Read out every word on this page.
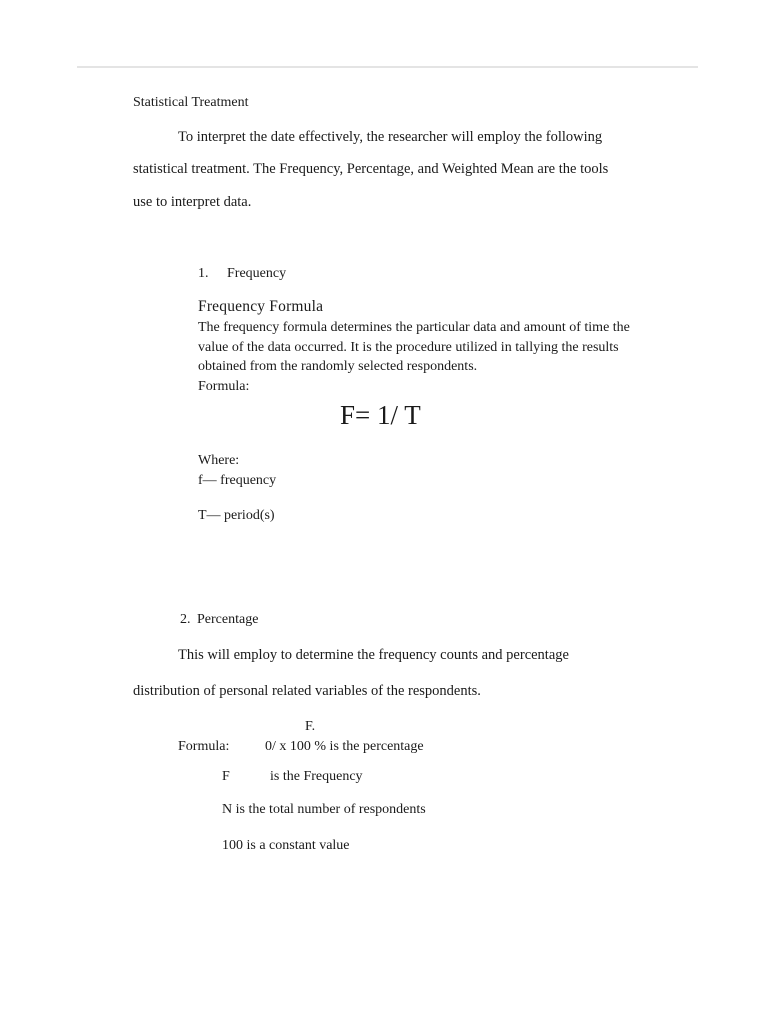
Statistical Treatment
To interpret the date effectively, the researcher will employ the following
statistical treatment. The Frequency, Percentage, and Weighted Mean are the tools
use to interpret data.
1. Frequency
Frequency Formula
The frequency formula determines the particular data and amount of time the
value of the data occurred. It is the procedure utilized in tallying the results
obtained from the randomly selected respondents.
Formula:
F= 1/ T
Where:
f— frequency
T— period(s)
2. Percentage
This will employ to determine the frequency counts and percentage
distribution of personal related variables of the respondents.
F.
Formula:	0/ x 100 % is the percentage
F	is the Frequency
N is the total number of respondents
100 is a constant value
